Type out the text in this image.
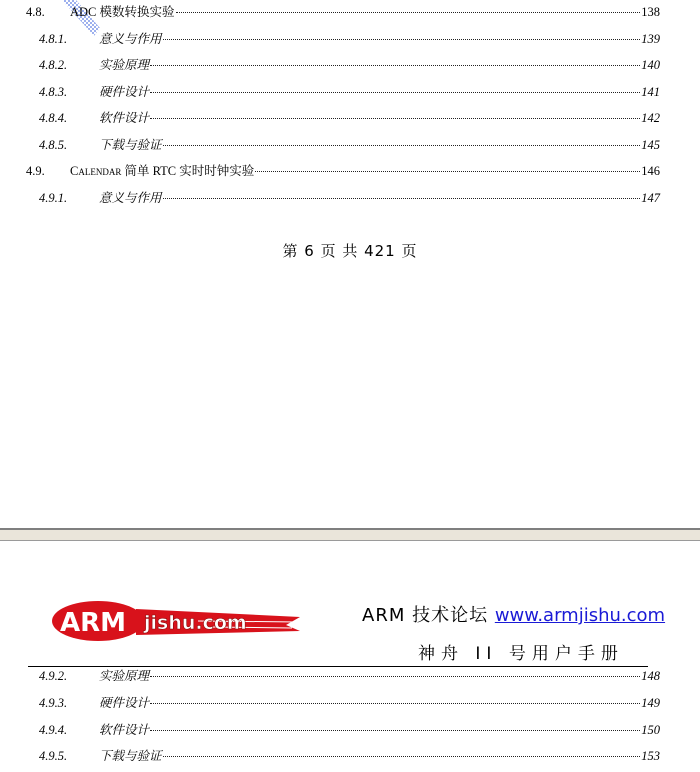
4.8.	ADC 模数转换实验	138
4.8.1.	意义与作用	139
4.8.2.	实验原理	140
4.8.3.	硬件设计	141
4.8.4.	软件设计	142
4.8.5.	下载与验证	145
4.9.	Calendar 简单 RTC 实时时钟实验	146
4.9.1.	意义与作用	147
第 6 页 共 421 页
ARM jishu.com	ARM 技术论坛 www.armjishu.com
神舟 II 号用户手册
4.9.2.	实验原理	148
4.9.3.	硬件设计	149
4.9.4.	软件设计	150
4.9.5.	下载与验证	153
